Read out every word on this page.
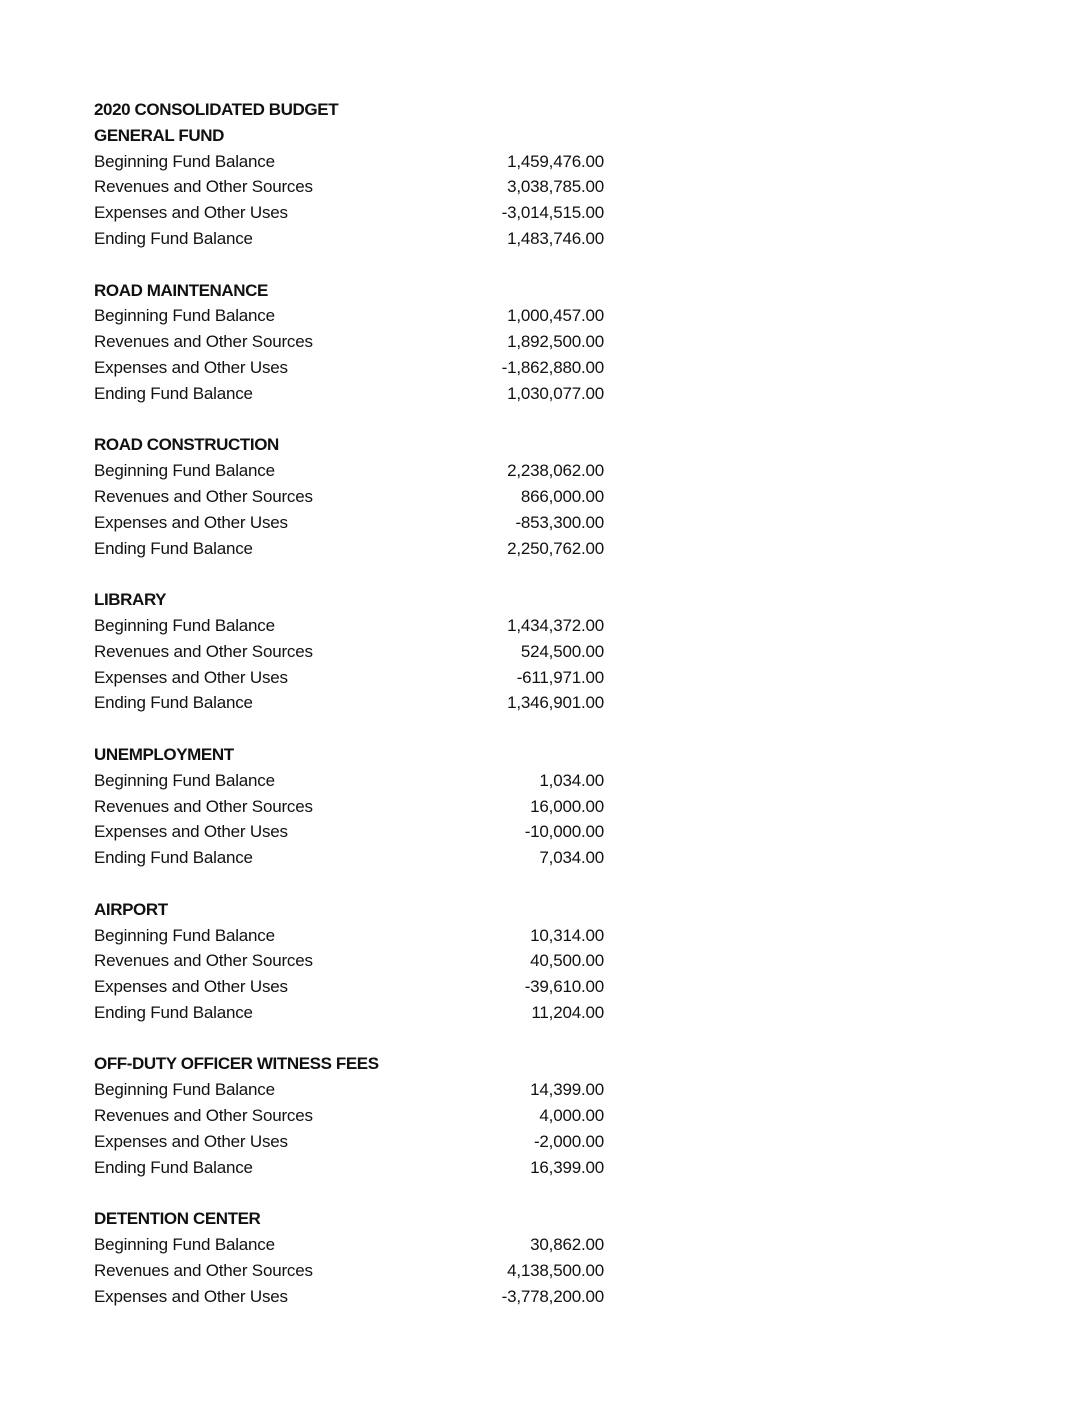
2020 CONSOLIDATED BUDGET
GENERAL FUND
Beginning Fund Balance	1,459,476.00
Revenues and Other Sources	3,038,785.00
Expenses and Other Uses	-3,014,515.00
Ending Fund Balance	1,483,746.00
ROAD MAINTENANCE
Beginning Fund Balance	1,000,457.00
Revenues and Other Sources	1,892,500.00
Expenses and Other Uses	-1,862,880.00
Ending Fund Balance	1,030,077.00
ROAD CONSTRUCTION
Beginning Fund Balance	2,238,062.00
Revenues and Other Sources	866,000.00
Expenses and Other Uses	-853,300.00
Ending Fund Balance	2,250,762.00
LIBRARY
Beginning Fund Balance	1,434,372.00
Revenues and Other Sources	524,500.00
Expenses and Other Uses	-611,971.00
Ending Fund Balance	1,346,901.00
UNEMPLOYMENT
Beginning Fund Balance	1,034.00
Revenues and Other Sources	16,000.00
Expenses and Other Uses	-10,000.00
Ending Fund Balance	7,034.00
AIRPORT
Beginning Fund Balance	10,314.00
Revenues and Other Sources	40,500.00
Expenses and Other Uses	-39,610.00
Ending Fund Balance	11,204.00
OFF-DUTY OFFICER WITNESS FEES
Beginning Fund Balance	14,399.00
Revenues and Other Sources	4,000.00
Expenses and Other Uses	-2,000.00
Ending Fund Balance	16,399.00
DETENTION CENTER
Beginning Fund Balance	30,862.00
Revenues and Other Sources	4,138,500.00
Expenses and Other Uses	-3,778,200.00
